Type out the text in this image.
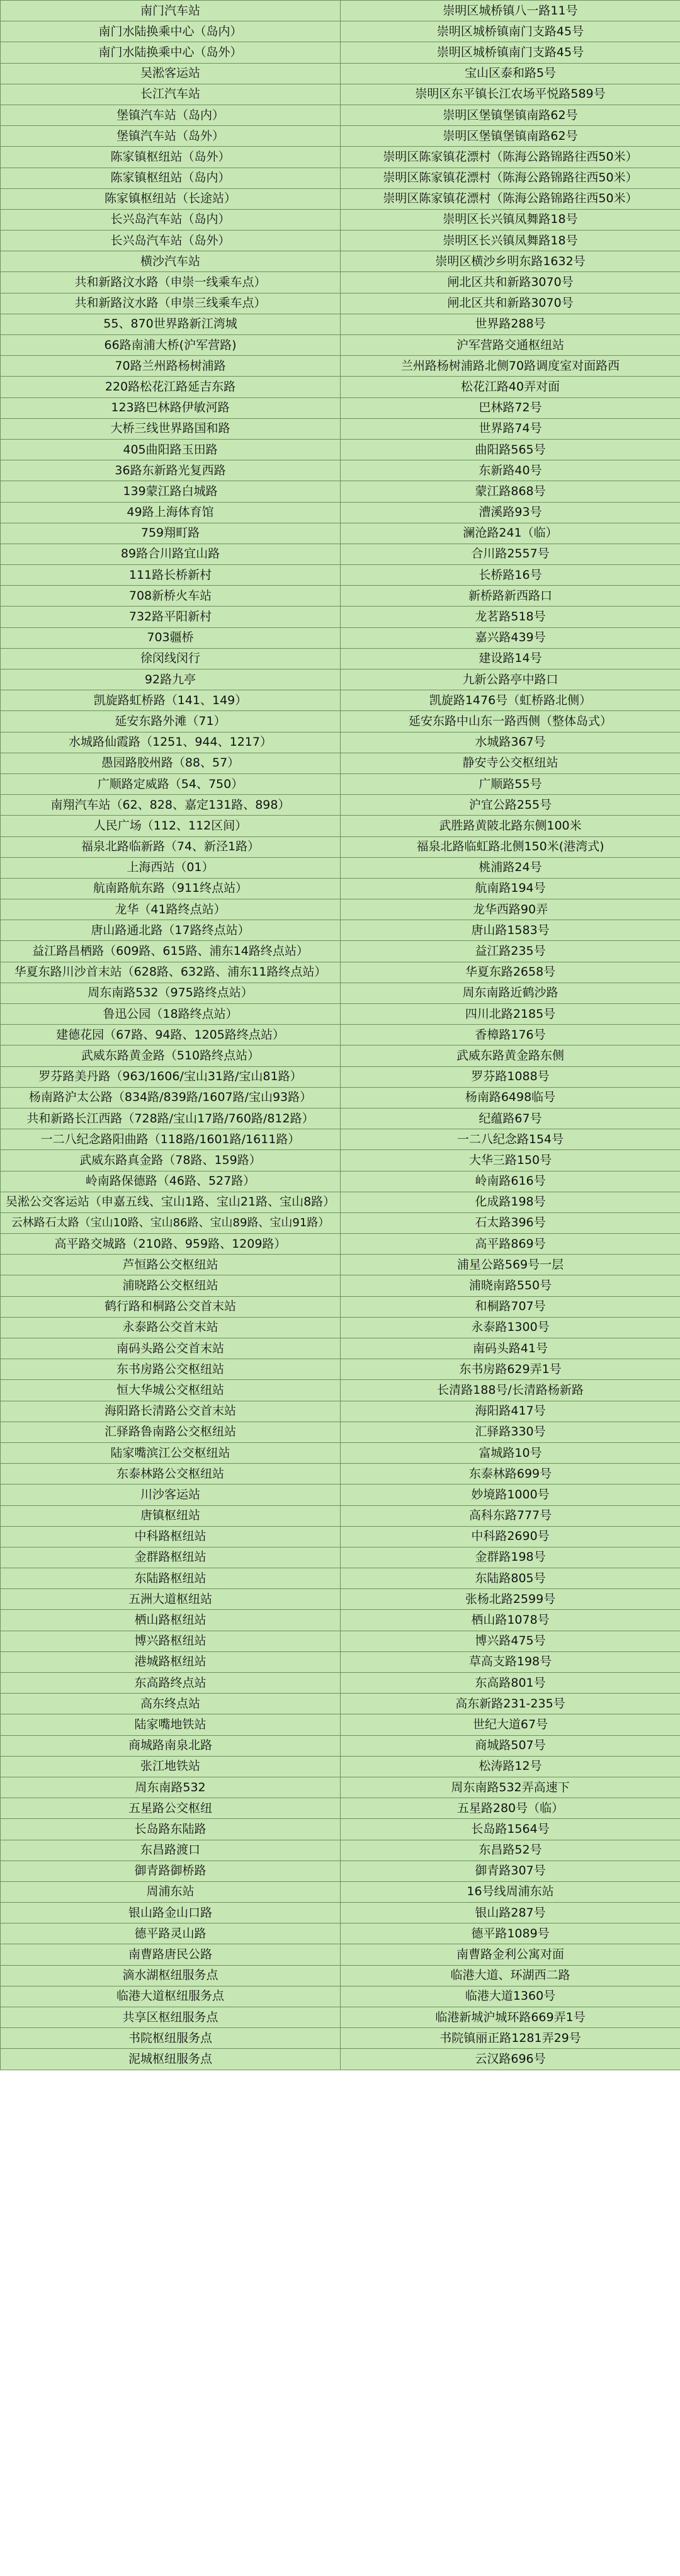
南门汽车站	崇明区城桥镇八一路11号
南门水陆换乘中心（岛内）	崇明区城桥镇南门支路45号
南门水陆换乘中心（岛外）	崇明区城桥镇南门支路45号
吴淞客运站	宝山区泰和路5号
长江汽车站	崇明区东平镇长江农场平悦路589号
堡镇汽车站（岛内）	崇明区堡镇堡镇南路62号
堡镇汽车站（岛外）	崇明区堡镇堡镇南路62号
陈家镇枢纽站（岛外）	崇明区陈家镇花漂村（陈海公路锦路往西50米）
陈家镇枢纽站（岛内）	崇明区陈家镇花漂村（陈海公路锦路往西50米）
陈家镇枢纽站（长途站）	崇明区陈家镇花漂村（陈海公路锦路往西50米）
长兴岛汽车站（岛内）	崇明区长兴镇凤舞路18号
长兴岛汽车站（岛外）	崇明区长兴镇凤舞路18号
横沙汽车站	崇明区横沙乡明东路1632号
共和新路汶水路（申崇一线乘车点）	闸北区共和新路3070号
共和新路汶水路（申崇三线乘车点）	闸北区共和新路3070号
55、870世界路新江湾城	世界路288号
66路南浦大桥(沪军营路)	沪军营路交通枢纽站
70路兰州路杨树浦路	兰州路杨树浦路北侧70路调度室对面路西
220路松花江路延吉东路	松花江路40弄对面
123路巴林路伊敏河路	巴林路72号
大桥三线世界路国和路	世界路74号
405曲阳路玉田路	曲阳路565号
36路东新路光复西路	东新路40号
139蒙江路白城路	蒙江路868号
49路上海体育馆	漕溪路93号
759翔町路	澜沧路241（临）
89路合川路宜山路	合川路2557号
111路长桥新村	长桥路16号
708新桥火车站	新桥路新西路口
732路平阳新村	龙茗路518号
703疆桥	嘉兴路439号
徐闵线闵行	建设路14号
92路九亭	九新公路亭中路口
凯旋路虹桥路（141、149）	凯旋路1476号（虹桥路北侧）
延安东路外滩（71）	延安东路中山东一路西侧（整体岛式）
水城路仙霞路（1251、944、1217）	水城路367号
愚园路胶州路（88、57）	静安寺公交枢纽站
广顺路定威路（54、750）	广顺路55号
南翔汽车站（62、828、嘉定131路、898）	沪宜公路255号
人民广场（112、112区间）	武胜路黄陂北路东侧100米
福泉北路临新路（74、新泾1路）	福泉北路临虹路北侧150米(港湾式)
上海西站（01）	桃浦路24号
航南路航东路（911终点站）	航南路194号
龙华（41路终点站）	龙华西路90弄
唐山路通北路（17路终点站）	唐山路1583号
益江路昌栖路（609路、615路、浦东14路终点站）	益江路235号
华夏东路川沙首末站（628路、632路、浦东11路终点站）	华夏东路2658号
周东南路532（975路终点站）	周东南路近鹤沙路
鲁迅公园（18路终点站）	四川北路2185号
建德花园（67路、94路、1205路终点站）	香樟路176号
武威东路黄金路（510路终点站）	武威东路黄金路东侧
罗芬路美丹路（963/1606/宝山31路/宝山81路）	罗芬路1088号
杨南路沪太公路（834路/839路/1607路/宝山93路）	杨南路6498临号
共和新路长江西路（728路/宝山17路/760路/812路）	纪蕴路67号
一二八纪念路阳曲路（118路/1601路/1611路）	一二八纪念路154号
武威东路真金路（78路、159路）	大华三路150号
岭南路保德路（46路、527路）	岭南路616号
吴淞公交客运站（申嘉五线、宝山1路、宝山21路、宝山8路）	化成路198号
云林路石太路（宝山10路、宝山86路、宝山89路、宝山91路）	石太路396号
高平路交城路（210路、959路、1209路）	高平路869号
芦恒路公交枢纽站	浦星公路569号一层
浦晓路公交枢纽站	浦晓南路550号
鹤行路和桐路公交首末站	和桐路707号
永泰路公交首末站	永泰路1300号
南码头路公交首末站	南码头路41号
东书房路公交枢纽站	东书房路629弄1号
恒大华城公交枢纽站	长清路188号/长清路杨新路
海阳路长清路公交首末站	海阳路417号
汇驿路鲁南路公交枢纽站	汇驿路330号
陆家嘴滨江公交枢纽站	富城路10号
东泰林路公交枢纽站	东泰林路699号
川沙客运站	妙境路1000号
唐镇枢纽站	高科东路777号
中科路枢纽站	中科路2690号
金群路枢纽站	金群路198号
东陆路枢纽站	东陆路805号
五洲大道枢纽站	张杨北路2599号
栖山路枢纽站	栖山路1078号
博兴路枢纽站	博兴路475号
港城路枢纽站	草高支路198号
东高路终点站	东高路801号
高东终点站	高东新路231-235号
陆家嘴地铁站	世纪大道67号
商城路南泉北路	商城路507号
张江地铁站	松涛路12号
周东南路532	周东南路532弄高速下
五星路公交枢纽	五星路280号（临）
长岛路东陆路	长岛路1564号
东昌路渡口	东昌路52号
御青路御桥路	御青路307号
周浦东站	16号线周浦东站
银山路金山口路	银山路287号
德平路灵山路	德平路1089号
南曹路唐民公路	南曹路金利公寓对面
滴水湖枢纽服务点	临港大道、环湖西二路
临港大道枢纽服务点	临港大道1360号
共享区枢纽服务点	临港新城沪城环路669弄1号
书院枢纽服务点	书院镇丽正路1281弄29号
泥城枢纽服务点	云汉路696号
